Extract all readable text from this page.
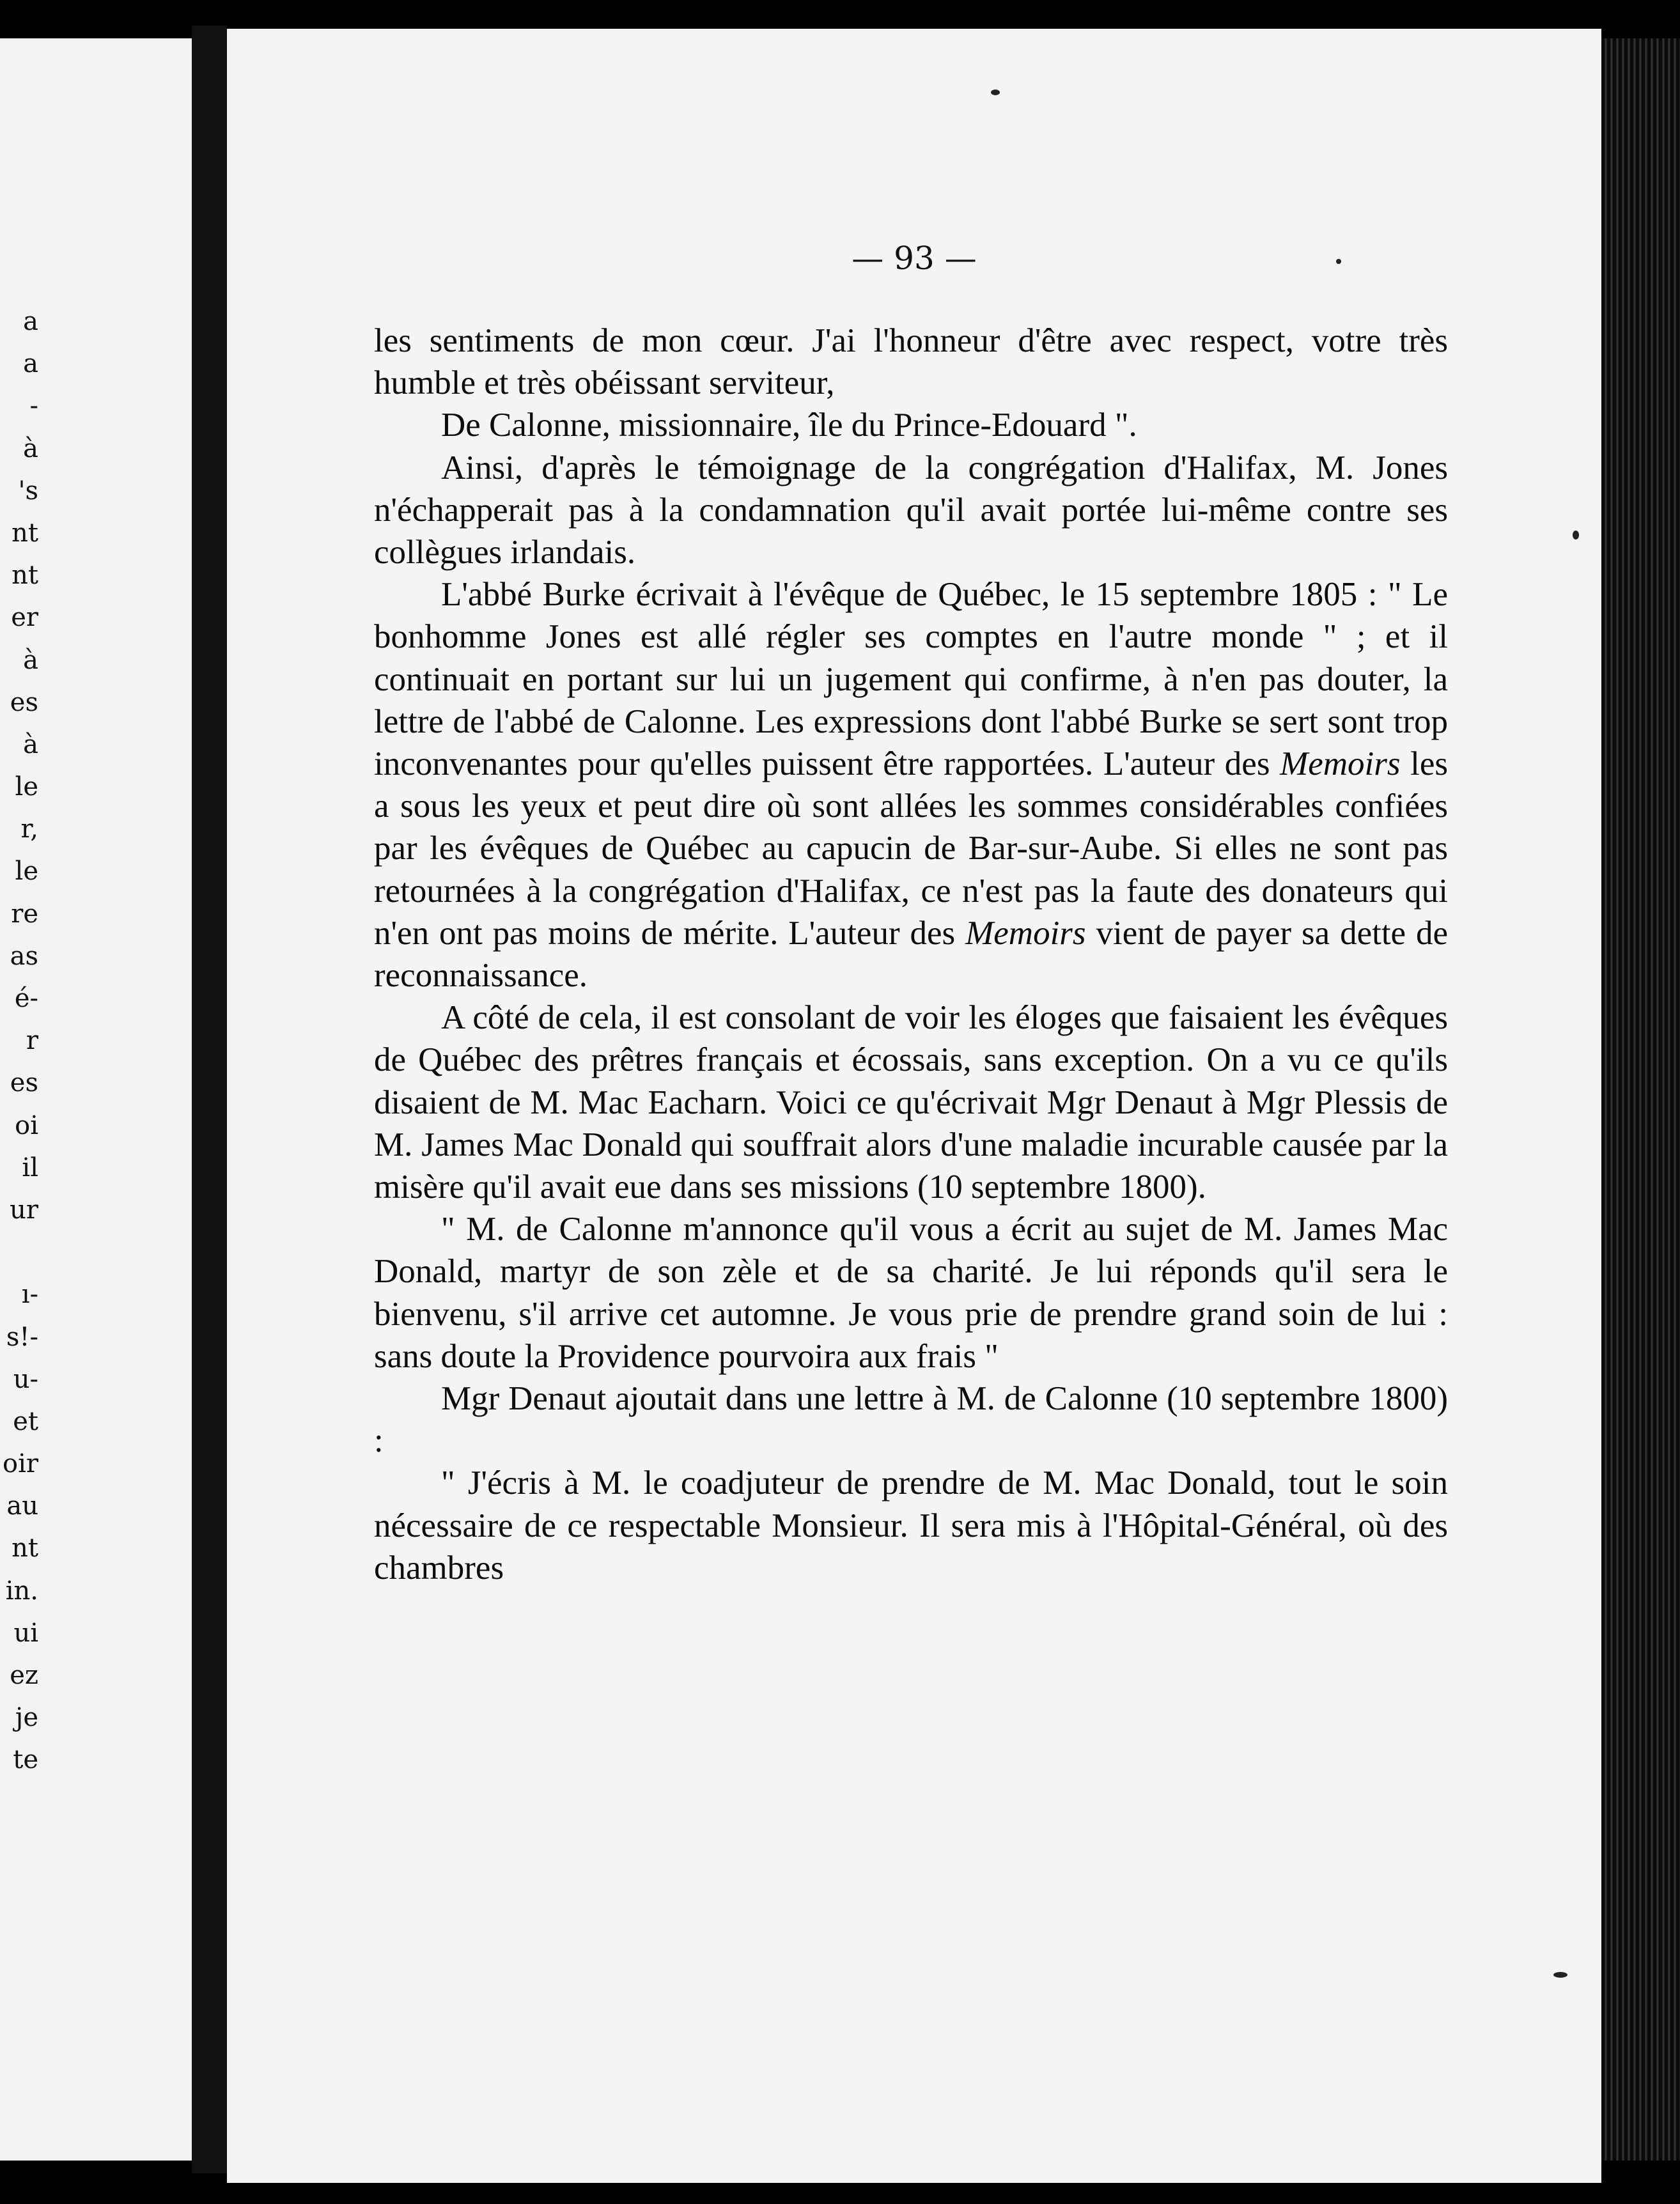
a
a
-
à
's
nt
nt
er
à
es
à
le
r,
le
re
as
é-
r
es
oi
il
ur
ı-
s!-
u-
et
oir
au
nt
in.
ui
ez
je
te
— 93 —

les sentiments de mon cœur. J'ai l'honneur d'être avec respect, votre très humble et très obéissant serviteur,

De Calonne, missionnaire, île du Prince-Edouard ".

Ainsi, d'après le témoignage de la congrégation d'Halifax, M. Jones n'échapperait pas à la condamnation qu'il avait portée lui-même contre ses collègues irlandais.

L'abbé Burke écrivait à l'évêque de Québec, le 15 septembre 1805 : " Le bonhomme Jones est allé régler ses comptes en l'autre monde " ; et il continuait en portant sur lui un jugement qui confirme, à n'en pas douter, la lettre de l'abbé de Calonne. Les expressions dont l'abbé Burke se sert sont trop inconvenantes pour qu'elles puissent être rapportées. L'auteur des Memoirs les a sous les yeux et peut dire où sont allées les sommes considérables confiées par les évêques de Québec au capucin de Bar-sur-Aube. Si elles ne sont pas retournées à la congrégation d'Halifax, ce n'est pas la faute des donateurs qui n'en ont pas moins de mérite. L'auteur des Memoirs vient de payer sa dette de reconnaissance.

A côté de cela, il est consolant de voir les éloges que faisaient les évêques de Québec des prêtres français et écossais, sans exception. On a vu ce qu'ils disaient de M. Mac Eacharn. Voici ce qu'écrivait Mgr Denaut à Mgr Plessis de M. James Mac Donald qui souffrait alors d'une maladie incurable causée par la misère qu'il avait eue dans ses missions (10 septembre 1800).

" M. de Calonne m'annonce qu'il vous a écrit au sujet de M. James Mac Donald, martyr de son zèle et de sa charité. Je lui réponds qu'il sera le bienvenu, s'il arrive cet automne. Je vous prie de prendre grand soin de lui : sans doute la Providence pourvoira aux frais "

Mgr Denaut ajoutait dans une lettre à M. de Calonne (10 septembre 1800) :

" J'écris à M. le coadjuteur de prendre de M. Mac Donald, tout le soin nécessaire de ce respectable Monsieur. Il sera mis à l'Hôpital-Général, où des chambres
